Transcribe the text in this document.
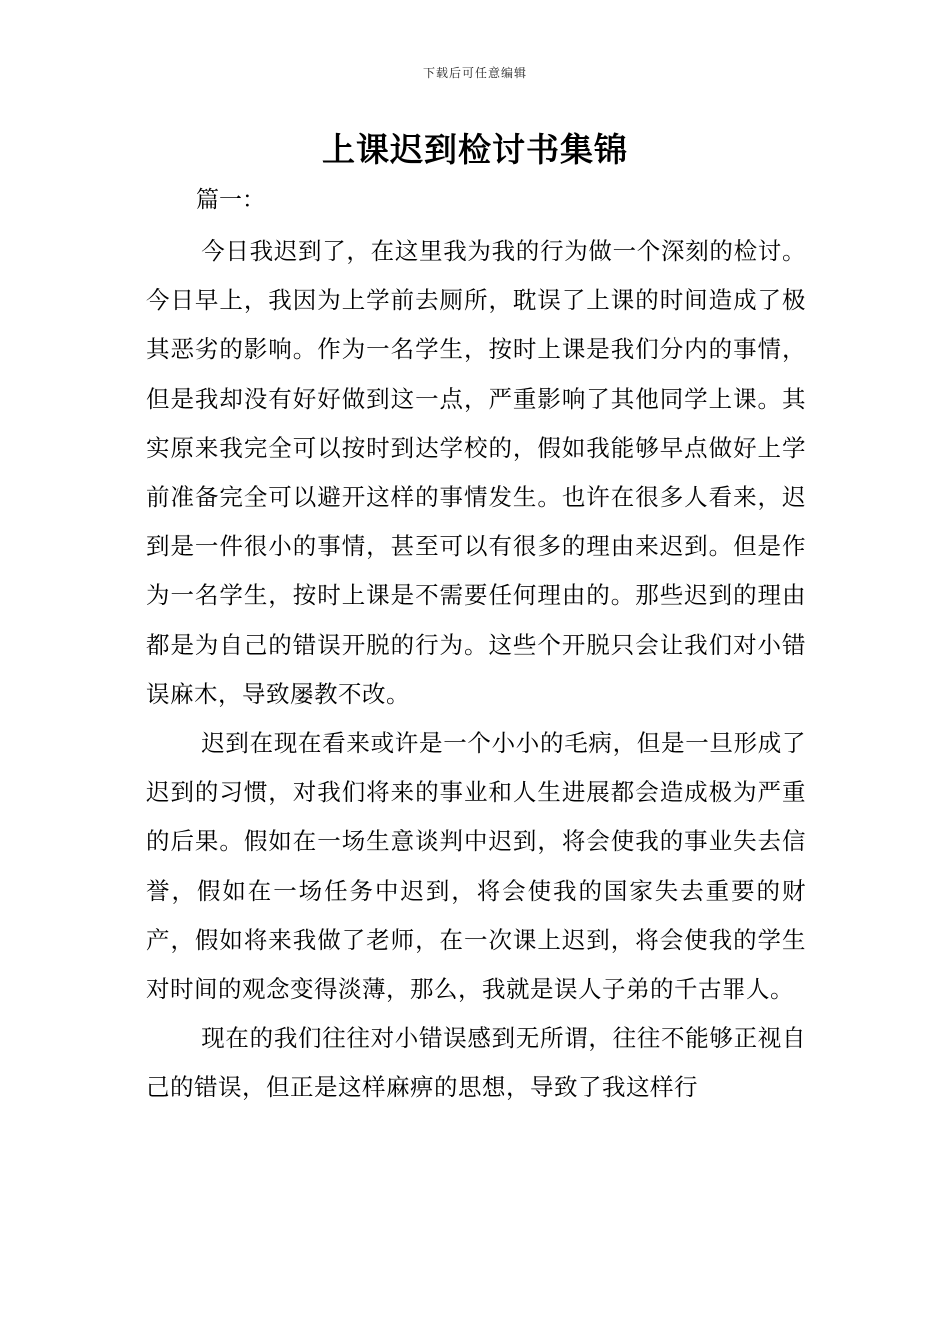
下载后可任意编辑
上课迟到检讨书集锦

篇一：

今日我迟到了，在这里我为我的行为做一个深刻的检讨。今日早上，我因为上学前去厕所，耽误了上课的时间造成了极其恶劣的影响。作为一名学生，按时上课是我们分内的事情，但是我却没有好好做到这一点，严重影响了其他同学上课。其实原来我完全可以按时到达学校的，假如我能够早点做好上学前准备完全可以避开这样的事情发生。也许在很多人看来，迟到是一件很小的事情，甚至可以有很多的理由来迟到。但是作为一名学生，按时上课是不需要任何理由的。那些迟到的理由都是为自己的错误开脱的行为。这些个开脱只会让我们对小错误麻木，导致屡教不改。

迟到在现在看来或许是一个小小的毛病，但是一旦形成了迟到的习惯，对我们将来的事业和人生进展都会造成极为严重的后果。假如在一场生意谈判中迟到，将会使我的事业失去信誉，假如在一场任务中迟到，将会使我的国家失去重要的财产，假如将来我做了老师，在一次课上迟到，将会使我的学生对时间的观念变得淡薄，那么，我就是误人子弟的千古罪人。

现在的我们往往对小错误感到无所谓，往往不能够正视自己的错误，但正是这样麻痹的思想，导致了我这样行
